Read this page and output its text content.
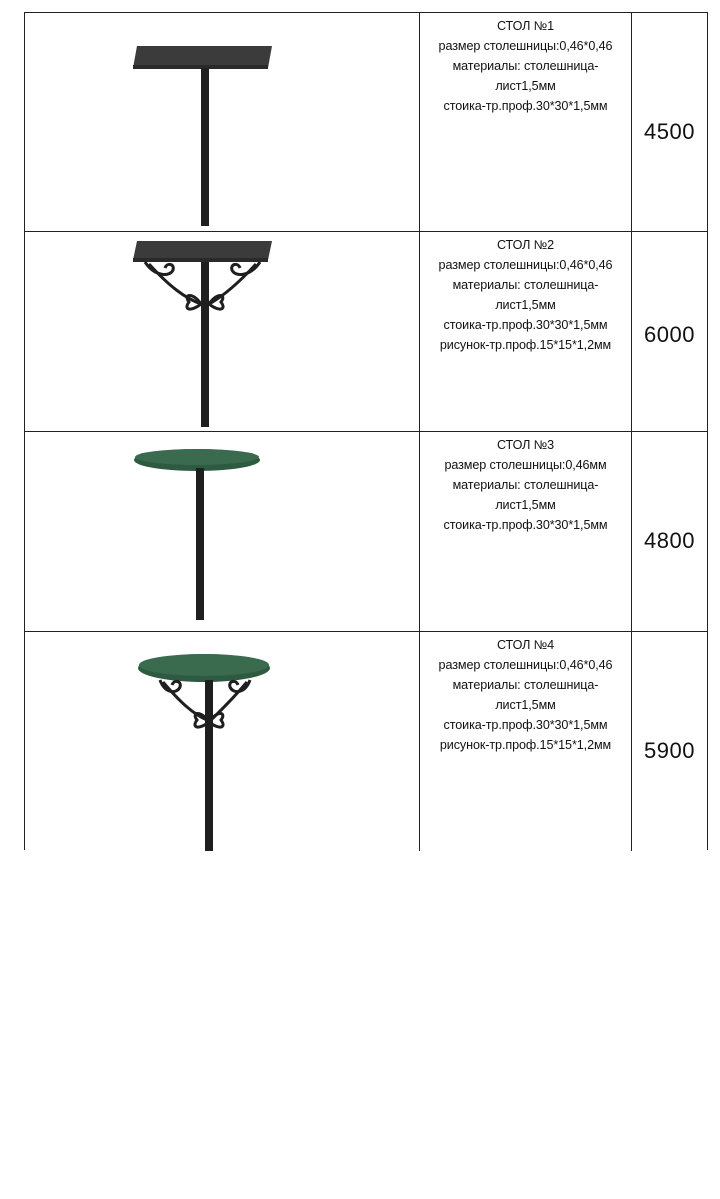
СТОЛ №1
размер столешницы:0,46*0,46
материалы: столешница-
лист1,5мм
стоика-тр.проф.30*30*1,5мм
4500
СТОЛ №2
размер столешницы:0,46*0,46
материалы: столешница-
лист1,5мм
стоика-тр.проф.30*30*1,5мм
рисунок-тр.проф.15*15*1,2мм	6000
СТОЛ №3
размер столешницы:0,46мм
материалы: столешница-
лист1,5мм
стоика-тр.проф.30*30*1,5мм
4800
СТОЛ №4
размер столешницы:0,46*0,46
материалы: столешница-
лист1,5мм
стоика-тр.проф.30*30*1,5мм
рисунок-тр.проф.15*15*1,2мм	5900
